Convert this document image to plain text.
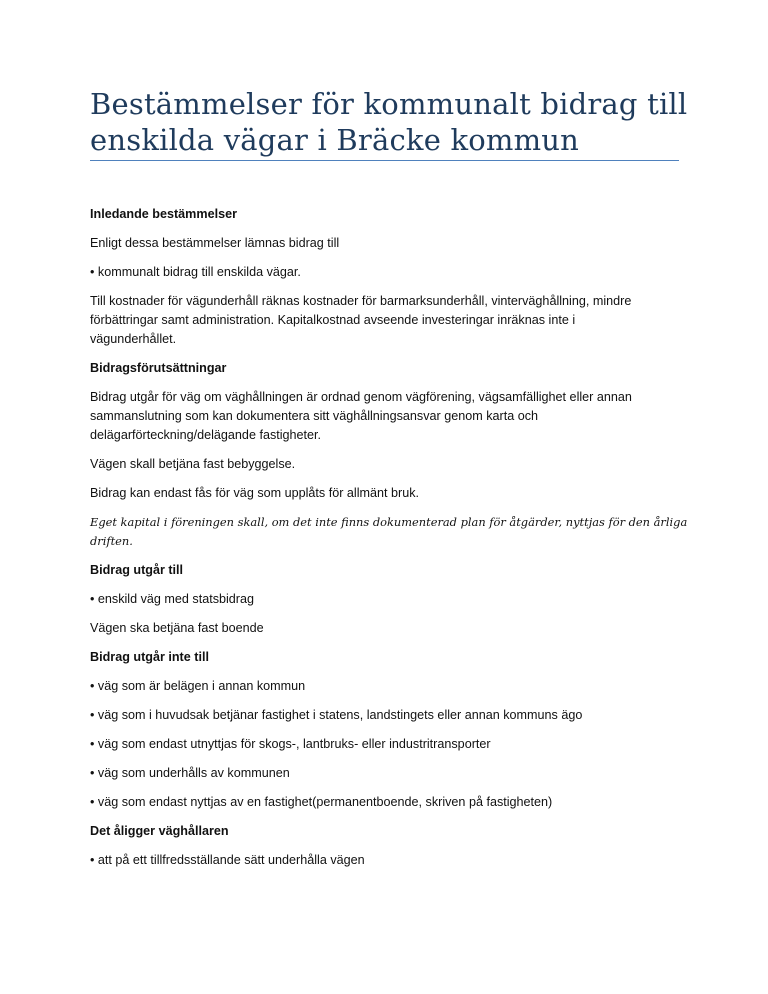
Bestämmelser för kommunalt bidrag till
enskilda vägar i Bräcke kommun

Inledande bestämmelser

Enligt dessa bestämmelser lämnas bidrag till

• kommunalt bidrag till enskilda vägar.

Till kostnader för vägunderhåll räknas kostnader för barmarksunderhåll, vinterväghållning, mindre

förbättringar samt administration. Kapitalkostnad avseende investeringar inräknas inte i

vägunderhållet.

Bidragsförutsättningar

Bidrag utgår för väg om väghållningen är ordnad genom vägförening, vägsamfällighet eller annan

sammanslutning som kan dokumentera sitt väghållningsansvar genom karta och

delägarförteckning/delägande fastigheter.

Vägen skall betjäna fast bebyggelse.

Bidrag kan endast fås för väg som upplåts för allmänt bruk.

Eget kapital i föreningen skall, om det inte finns dokumenterad plan för åtgärder, nyttjas för den årliga driften.

Bidrag utgår till

• enskild väg med statsbidrag

Vägen ska betjäna fast boende

Bidrag utgår inte till

• väg som är belägen i annan kommun

• väg som i huvudsak betjänar fastighet i statens, landstingets eller annan kommuns ägo

• väg som endast utnyttjas för skogs-, lantbruks- eller industritransporter

• väg som underhålls av kommunen

• väg som endast nyttjas av en fastighet(permanentboende, skriven på fastigheten)

Det åligger väghållaren

• att på ett tillfredsställande sätt underhålla vägen
